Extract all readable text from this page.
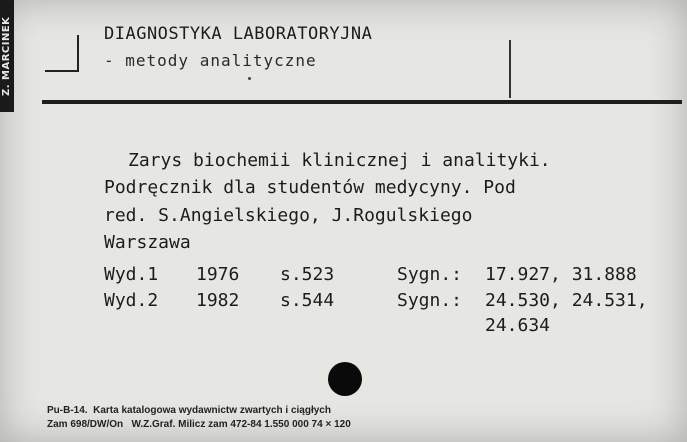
Z. MARCINEK	DIAGNOSTYKA LABORATORYJNA
- metody analityczne
Zarys biochemii klinicznej i analityki.
Podręcznik dla studentów medycyny. Pod
red. S.Angielskiego, J.Rogulskiego
Warszawa
Wyd.1 1976 s.523	Sygn.: 17.927, 31.888
Wyd.2 1982 s.544	Sygn.: 24.530, 24.531,
24.634
Pu-B-14.  Karta katalogowa wydawnictw zwartych i ciągłych
Zam 698/DW/On   W.Z.Graf. Milicz zam 472-84 1.550 000 74 × 120
